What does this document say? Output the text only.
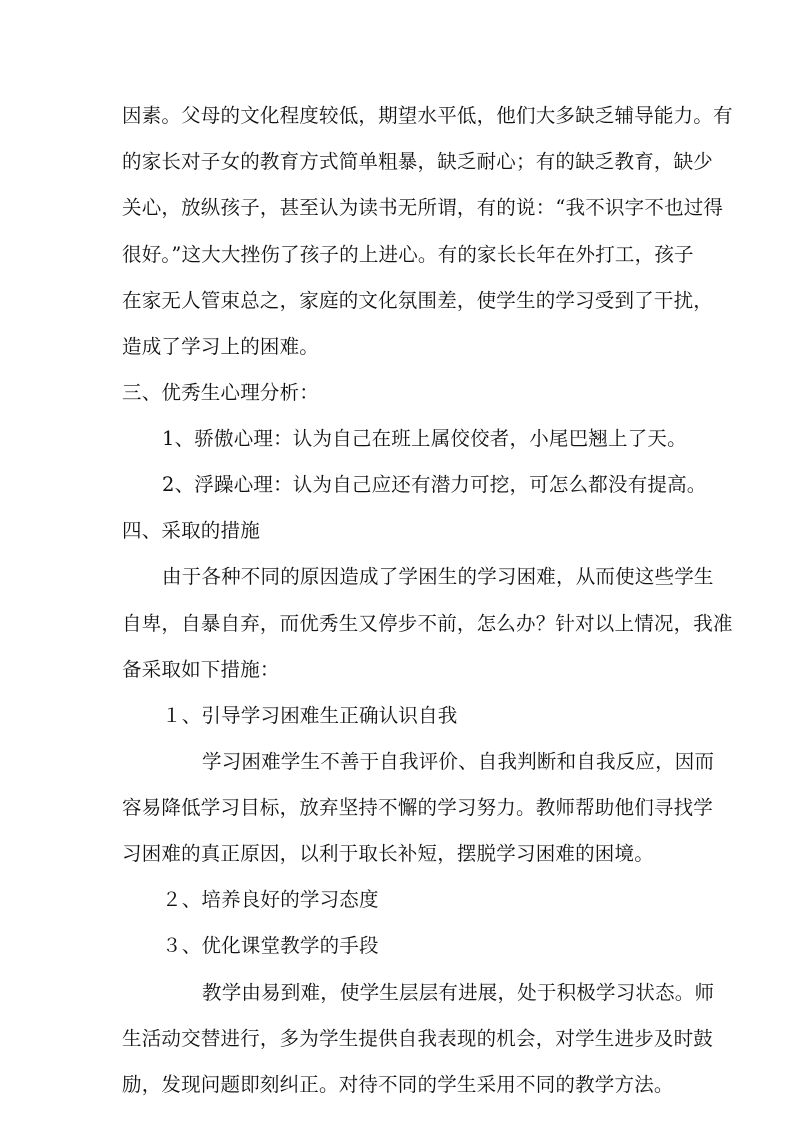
因素。父母的文化程度较低，期望水平低，他们大多缺乏辅导能力。有
的家长对子女的教育方式简单粗暴，缺乏耐心；有的缺乏教育，缺少
关心，放纵孩子，甚至认为读书无所谓，有的说：“我不识字不也过得
很好。”这大大挫伤了孩子的上进心。有的家长长年在外打工，孩子
在家无人管束总之，家庭的文化氛围差，使学生的学习受到了干扰，
造成了学习上的困难。
三、优秀生心理分析：
1、骄傲心理：认为自己在班上属佼佼者，小尾巴翘上了天。
2、浮躁心理：认为自己应还有潜力可挖，可怎么都没有提高。
四、采取的措施
由于各种不同的原因造成了学困生的学习困难，从而使这些学生
自卑，自暴自弃，而优秀生又停步不前，怎么办？针对以上情况，我准
备采取如下措施：
１、引导学习困难生正确认识自我
学习困难学生不善于自我评价、自我判断和自我反应，因而
容易降低学习目标，放弃坚持不懈的学习努力。教师帮助他们寻找学
习困难的真正原因，以利于取长补短，摆脱学习困难的困境。
２、培养良好的学习态度
３、优化课堂教学的手段
教学由易到难，使学生层层有进展，处于积极学习状态。师
生活动交替进行，多为学生提供自我表现的机会，对学生进步及时鼓
励，发现问题即刻纠正。对待不同的学生采用不同的教学方法。
